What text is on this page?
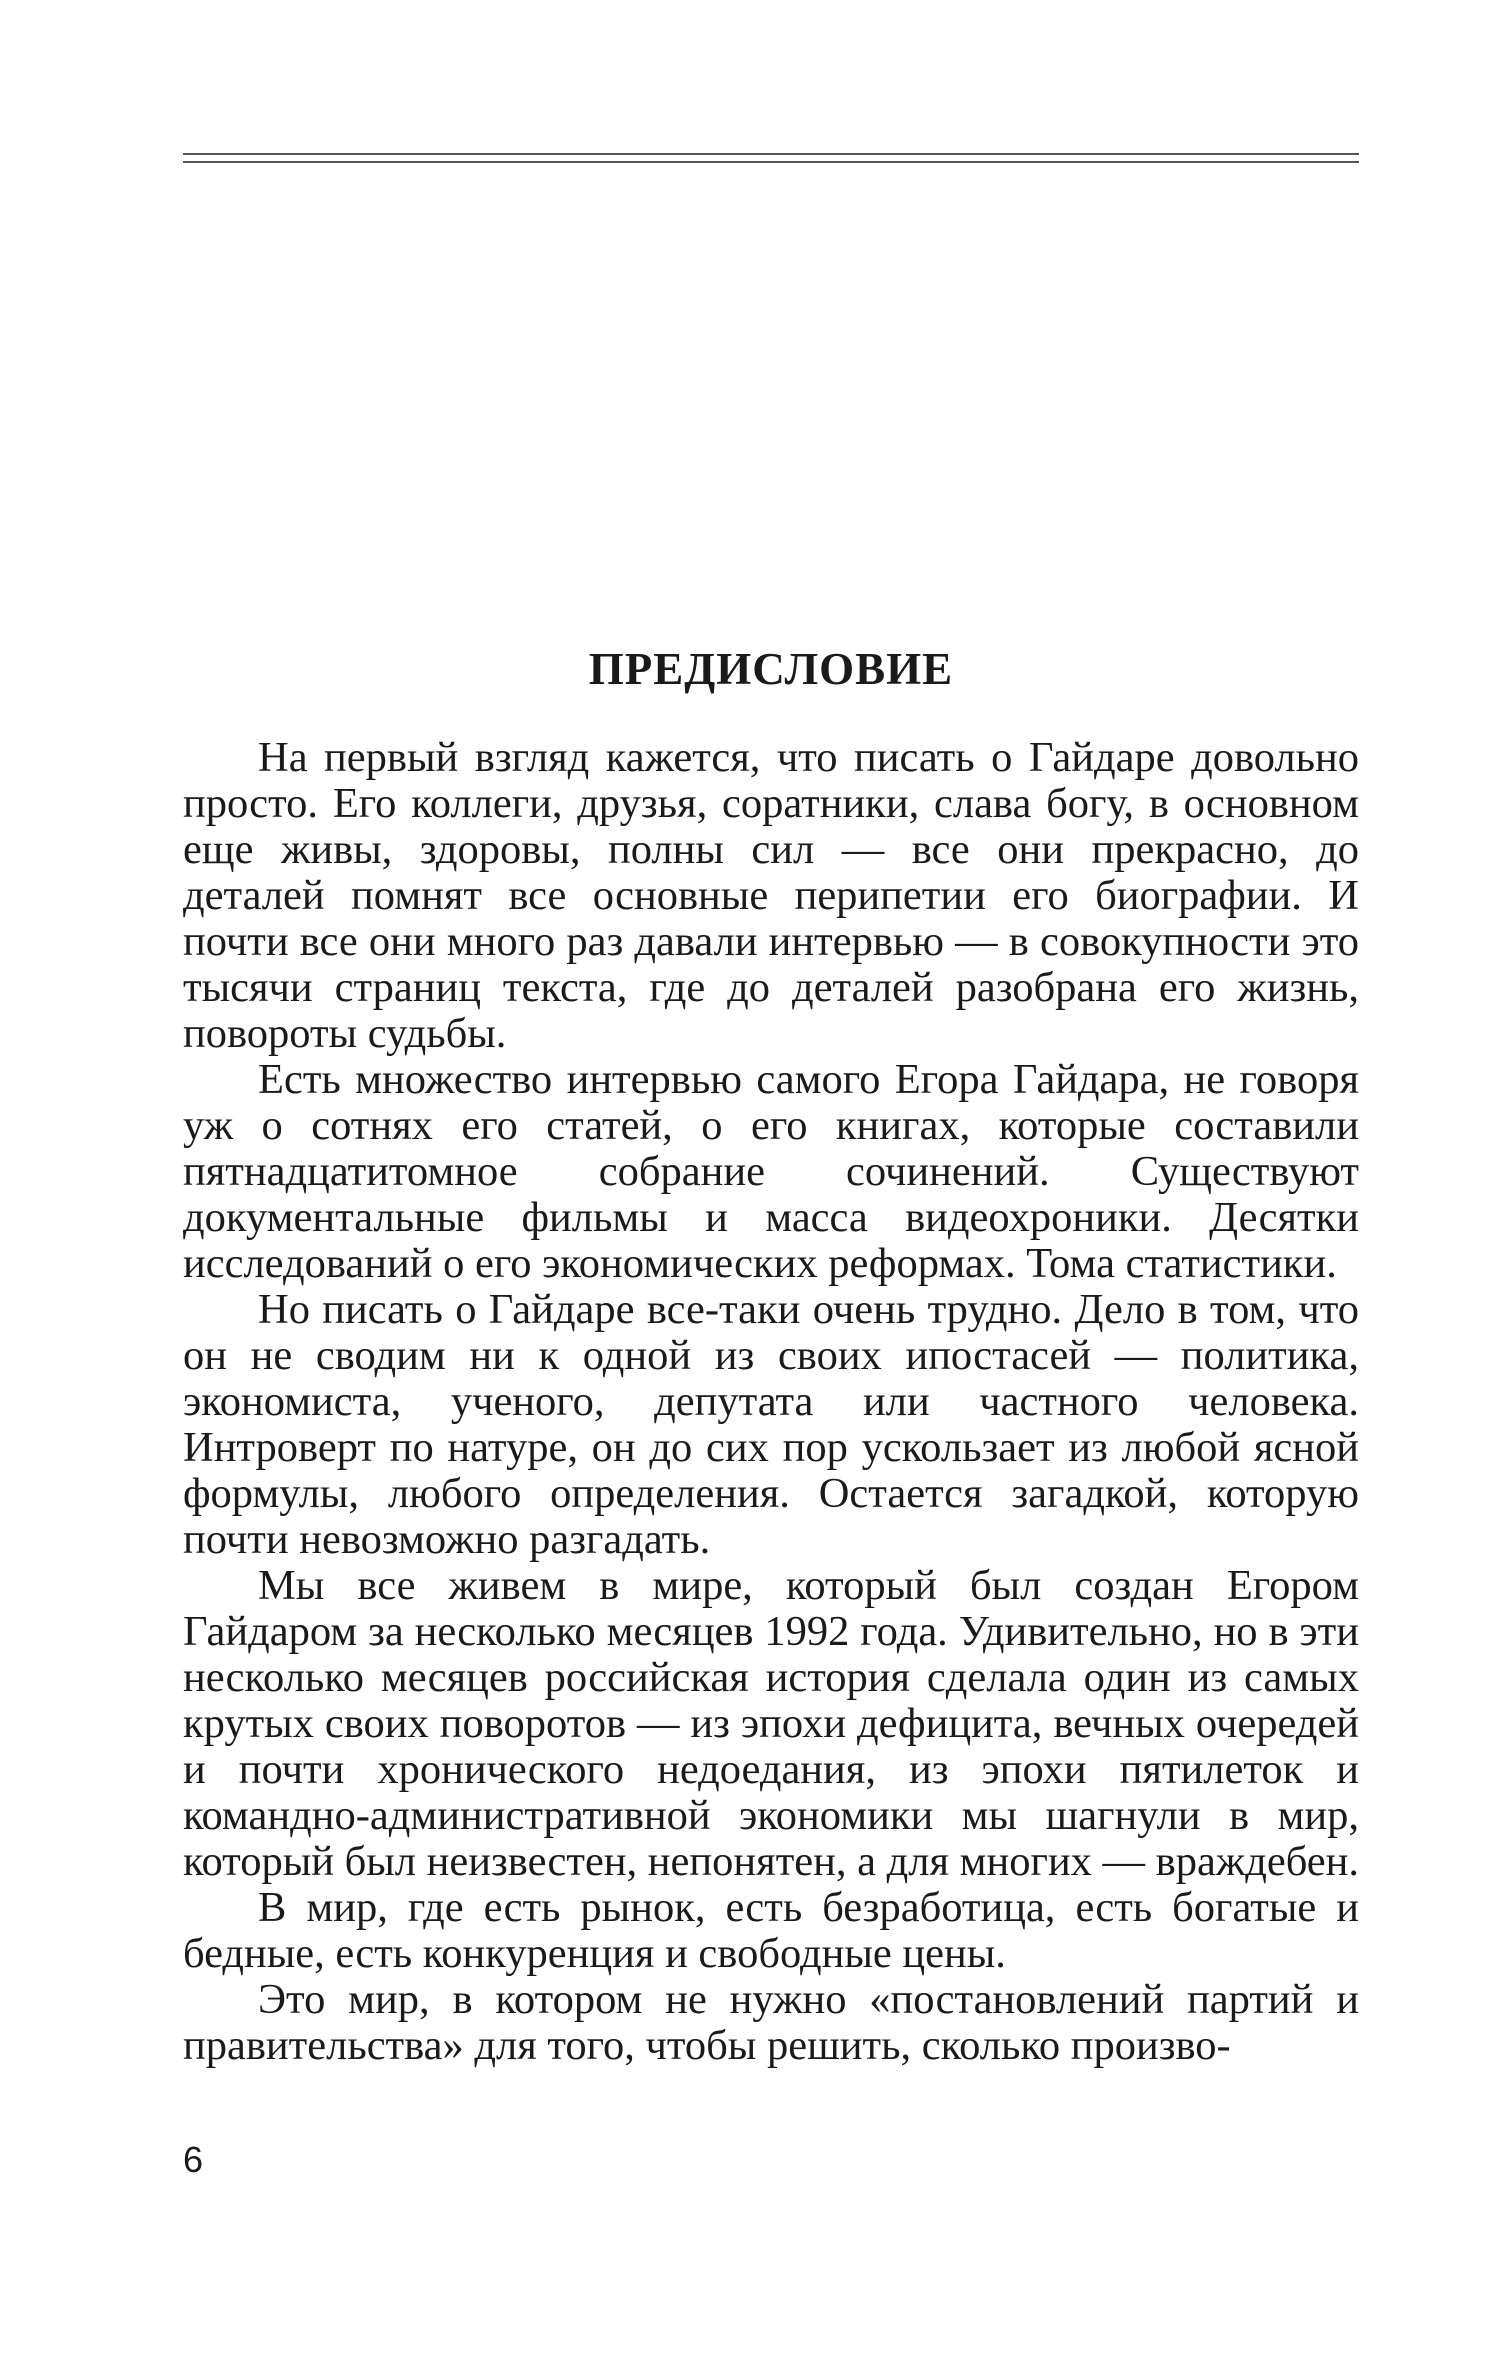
ПРЕДИСЛОВИЕ

На первый взгляд кажется, что писать о Гайдаре довольно просто. Его коллеги, друзья, соратники, слава богу, в основном еще живы, здоровы, полны сил — все они прекрасно, до деталей помнят все основные перипетии его биографии. И почти все они много раз давали интервью — в совокупности это тысячи страниц текста, где до деталей разобрана его жизнь, повороты судьбы.

Есть множество интервью самого Егора Гайдара, не говоря уж о сотнях его статей, о его книгах, которые составили пятнадцатитомное собрание сочинений. Существуют документальные фильмы и масса видеохроники. Десятки исследований о его экономических реформах. Тома статистики.

Но писать о Гайдаре все-таки очень трудно. Дело в том, что он не сводим ни к одной из своих ипостасей — политика, экономиста, ученого, депутата или частного человека. Интроверт по натуре, он до сих пор ускользает из любой ясной формулы, любого определения. Остается загадкой, которую почти невозможно разгадать.

Мы все живем в мире, который был создан Егором Гайдаром за несколько месяцев 1992 года. Удивительно, но в эти несколько месяцев российская история сделала один из самых крутых своих поворотов — из эпохи дефицита, вечных очередей и почти хронического недоедания, из эпохи пятилеток и командно-административной экономики мы шагнули в мир, который был неизвестен, непонятен, а для многих — враждебен.

В мир, где есть рынок, есть безработица, есть богатые и бедные, есть конкуренция и свободные цены.

Это мир, в котором не нужно «постановлений партий и правительства» для того, чтобы решить, сколько произво-

6
